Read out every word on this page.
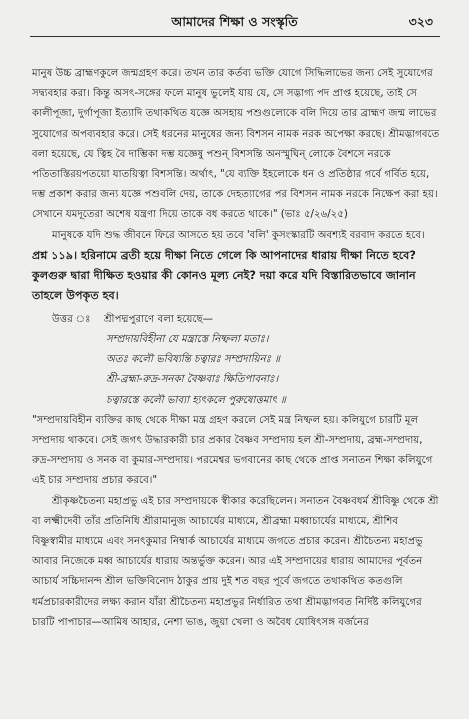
আমাদের শিক্ষা ও সংস্কৃতি	৩২৩

মানুষ উচ্চ ব্রাহ্মণকুলে জন্মগ্রহণ করে। তখন তার কর্তব্য ভক্তি যোগে সিদ্ধিলাভের জন্য সেই সুযোগের সদ্ব্যবহার করা। কিন্তু অসৎ-সঙ্গের ফলে মানুষ ভুলেই যায় যে, সে সদ্ভাগ্য পদ প্রাপ্ত হয়েছে, তাই সে কালীপূজা, দুর্গাপূজা ইত্যাদি তথাকথিত যজ্ঞে অসহায় পশুগুলোকে বলি দিয়ে তার ব্রাহ্মণ জন্ম লাভের সুযোগের অপব্যবহার করে। সেই ধরনের মানুষের জন্য বিশসন নামক নরক অপেক্ষা করছে। শ্রীমদ্ভাগবতে বলা হয়েছে, যে ত্বিহ বৈ দাম্ভিকা দম্ভ যজ্ঞেষু পশুন্ বিশসন্তি অনস্মুঘিন্ লোকে বৈশসে নরকে পতিতাস্তিরয়পতয়ো যাতয়িত্বা বিশসন্তি। অর্থাৎ, "যে ব্যক্তি ইহলোকে ধন ও প্রতিষ্ঠার গর্বে গর্বিত হয়ে, দম্ভ প্রকাশ করার জন্য যজ্ঞে পশুবলি দেয়, তাকে দেহত্যাগের পর বিশসন নামক নরকে নিক্ষেপ করা হয়। সেখানে যমদূতেরা অশেষ যন্ত্রণা দিয়ে তাকে বধ করতে থাকে।" (ভাঃ ৫/২৬/২৫)

মানুষকে যদি শুদ্ধ জীবনে ফিরে আসতে হয় তবে 'বলি' কুসংস্কারটি অবশ্যই বরবাদ করতে হবে।

প্রশ্ন ১১৯। হরিনামে ব্রতী হয়ে দীক্ষা নিতে গেলে কি আপনাদের ধারায় দীক্ষা নিতে হবে? কুলগুরু দ্বারা দীক্ষিত হওয়ার কী কোনও মূল্য নেই? দয়া করে যদি বিস্তারিতভাবে জানান তাহলে উপকৃত হব।

উত্তর ঃ	শ্রীপদ্মপুরাণে বলা হয়েছে—
সম্প্রদায়বিহীনা যে মন্ত্রাস্তে নিষ্ফলা মতাঃ।
অতঃ কলৌ ভবিষ্যন্তি চত্বারঃ সম্প্রদায়িনঃ ॥
শ্রী-ব্রহ্মা-রুদ্র-সনকা বৈষ্ণবাঃ ক্ষিতিপাবনাঃ।
চত্বারস্তে কলৌ ভাব্যা হ্যৎকলে পুরুষোত্তমাৎ ॥

"সম্প্রদায়বিহীন ব্যক্তির কাছ থেকে দীক্ষা মন্ত্র গ্রহণ করলে সেই মন্ত্র নিষ্ফল হয়। কলিযুগে চারটি মূল সম্প্রদায় থাকবে। সেই জগৎ উদ্ধারকারী চার প্রকার বৈষ্ণব সম্প্রদায় হল শ্রী-সম্প্রদায়, ব্রহ্ম-সম্প্রদায়, রুদ্র-সম্প্রদায় ও সনক বা কুমার-সম্প্রদায়। পরমেশ্বর ভগবানের কাছ থেকে প্রাপ্ত সনাতন শিক্ষা কলিযুগে এই চার সম্প্রদায় প্রচার করবে।"

শ্রীকৃষ্ণচৈতন্য মহাপ্রভু এই চার সম্প্রদায়কে স্বীকার করেছিলেন। সনাতন বৈষ্ণবধর্ম শ্রীবিষ্ণু থেকে শ্রী বা লক্ষ্মীদেবী তাঁর প্রতিনিধি শ্রীরামানুজ আচার্যের মাধ্যমে, শ্রীব্রহ্মা মধ্বাচার্যের মাধ্যমে, শ্রীশিব বিষ্ণুস্বামীর মাধ্যমে এবং সনৎকুমার নিম্বার্ক আচার্যের মাধ্যমে জগতে প্রচার করেন। শ্রীচৈতন্য মহাপ্রভু আবার নিজেকে মধ্ব আচার্যের ধারায় অন্তর্ভুক্ত করেন। আর এই সম্প্রদায়ের ধারায় আমাদের পূর্বতন আচার্য সচ্চিদানন্দ শ্রীল ভক্তিবিনোদ ঠাকুর প্রায় দুই শত বছর পূর্বে জগতে তথাকথিত কতগুলি ধর্মপ্রচারকারীদের লক্ষ্য করান যাঁরা শ্রীচৈতন্য মহাপ্রভুর নির্ধারিত তথা শ্রীমদ্ভাগবত নির্দিষ্ট কলিযুগের চারটি পাপাচার—আমিষ আহার, নেশা ভাঙ, জুয়া খেলা ও অবৈধ যোষিৎসঙ্গ বর্জনের
